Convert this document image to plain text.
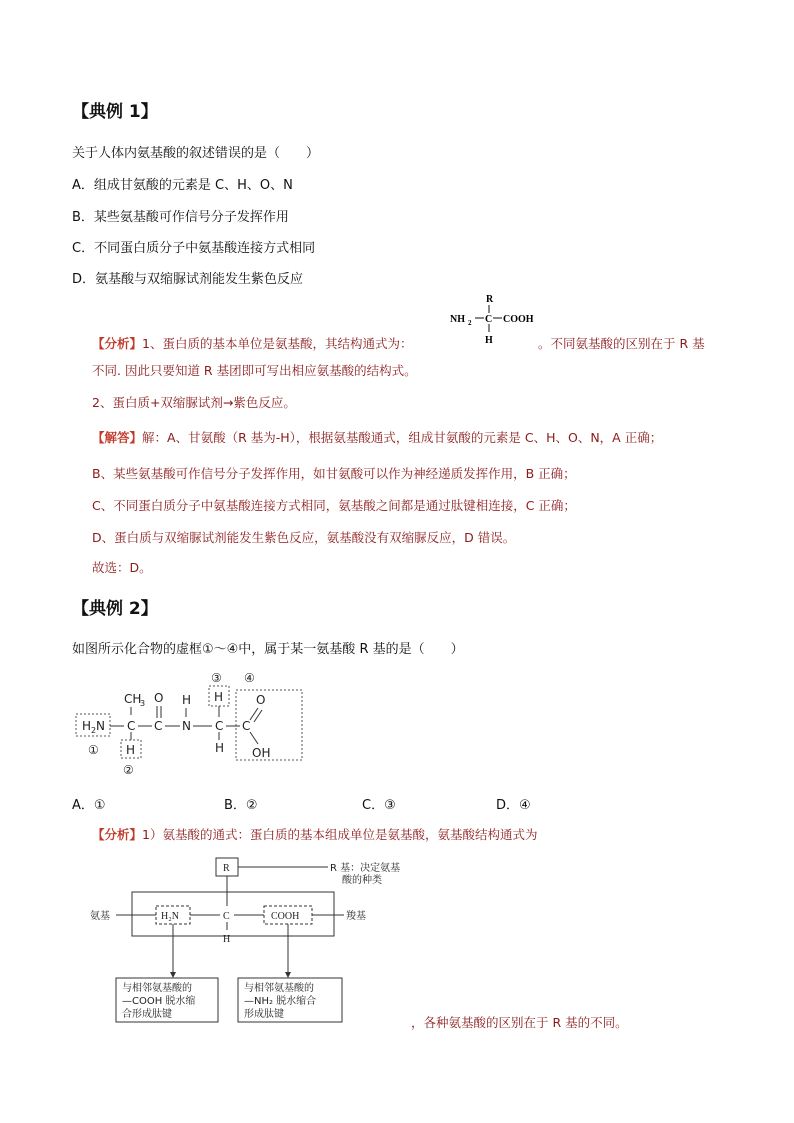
【典例 1】
关于人体内氨基酸的叙述错误的是（　　）
A．组成甘氨酸的元素是 C、H、O、N
B．某些氨基酸可作信号分子发挥作用
C．不同蛋白质分子中氨基酸连接方式相同
D．氨基酸与双缩脲试剂能发生紫色反应
R
NH 2 C COOH
H
【分析】1、蛋白质的基本单位是氨基酸，其结构通式为：	。不同氨基酸的区别在于 R 基
不同. 因此只要知道 R 基团即可写出相应氨基酸的结构式。
2、蛋白质+双缩脲试剂→紫色反应。
【解答】解：A、甘氨酸（R 基为-H），根据氨基酸通式，组成甘氨酸的元素是 C、H、O、N，A 正确；
B、某些氨基酸可作信号分子发挥作用，如甘氨酸可以作为神经递质发挥作用，B 正确；
C、不同蛋白质分子中氨基酸连接方式相同，氨基酸之间都是通过肽键相连接，C 正确；
D、蛋白质与双缩脲试剂能发生紫色反应，氨基酸没有双缩脲反应，D 错误。
故选：D。
【典例 2】
如图所示化合物的虚框①～④中，属于某一氨基酸 R 基的是（　　）
CH
3
H 2 N
①
C
H
②
O
C N
H
C
H
③
H
C
O
OH
④
A．①	B．②	C．③	D．④
【分析】1）氨基酸的通式：蛋白质的基本组成单位是氨基酸，氨基酸结构通式为
R	R 基：决定氨基
酸的种类
氨基	H₂N	C
H
COOH	羧基
与相邻氨基酸的
—COOH 脱水缩
合形成肽键
与相邻氨基酸的
—NH₂ 脱水缩合
形成肽键
，各种氨基酸的区别在于 R 基的不同。
